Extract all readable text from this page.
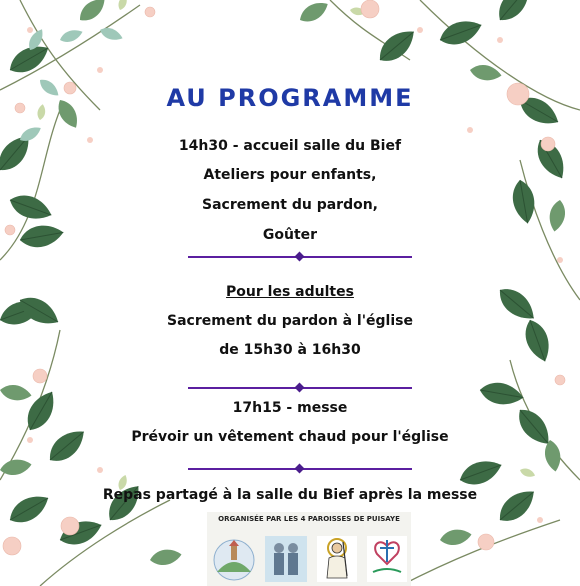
AU PROGRAMME
14h30 - accueil salle du Bief
Ateliers pour enfants,
Sacrement du pardon,
Goûter
Pour les adultes
Sacrement du pardon à l'église
de 15h30 à 16h30
17h15 - messe
Prévoir un vêtement chaud pour l'église
Repas partagé à la salle du Bief après la messe
ORGANISÉE PAR LES 4 PAROISSES DE PUISAYE
